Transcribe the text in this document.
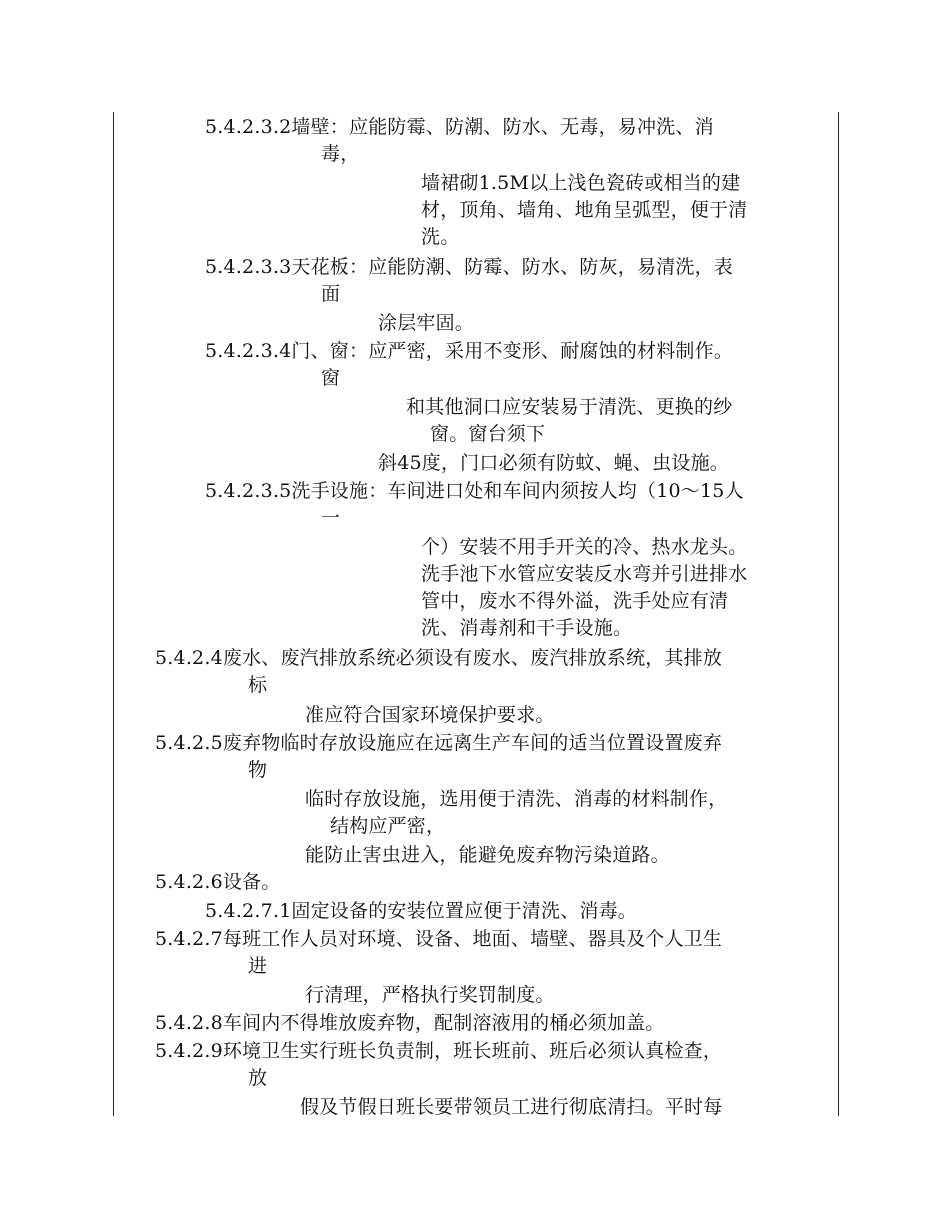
5.4.2.3.2墙壁：应能防霉、防潮、防水、无毒，易冲洗、消
毒，
墙裙砌1.5M以上浅色瓷砖或相当的建
材，顶角、墙角、地角呈弧型，便于清
洗。
5.4.2.3.3天花板：应能防潮、防霉、防水、防灰，易清洗，表
面
涂层牢固。
5.4.2.3.4门、窗：应严密，采用不变形、耐腐蚀的材料制作。
窗
和其他洞口应安装易于清洗、更换的纱
窗。窗台须下
斜45度，门口必须有防蚊、蝇、虫设施。
5.4.2.3.5洗手设施：车间进口处和车间内须按人均（10～15人
一
个）安装不用手开关的冷、热水龙头。
洗手池下水管应安装反水弯并引进排水
管中，废水不得外溢，洗手处应有清
洗、消毒剂和干手设施。
5.4.2.4废水、废汽排放系统必须设有废水、废汽排放系统，其排放
标
准应符合国家环境保护要求。
5.4.2.5废弃物临时存放设施应在远离生产车间的适当位置设置废弃
物
临时存放设施，选用便于清洗、消毒的材料制作，
结构应严密，
能防止害虫进入，能避免废弃物污染道路。
5.4.2.6设备。
5.4.2.7.1固定设备的安装位置应便于清洗、消毒。
5.4.2.7每班工作人员对环境、设备、地面、墙壁、器具及个人卫生
进
行清理，严格执行奖罚制度。
5.4.2.8车间内不得堆放废弃物，配制溶液用的桶必须加盖。
5.4.2.9环境卫生实行班长负责制，班长班前、班后必须认真检查，
放
假及节假日班长要带领员工进行彻底清扫。平时每
